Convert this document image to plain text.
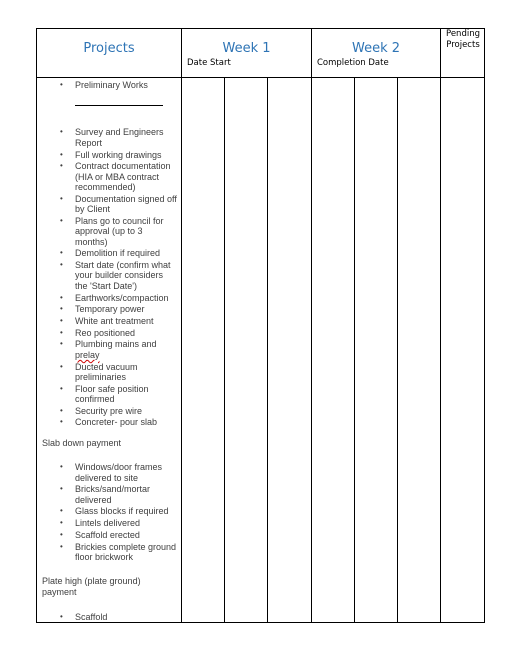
Projects	Week 1
Date Start
Week 2
Completion Date
Pending Projects
• Preliminary Works
• Survey and Engineers Report
• Full working drawings
• Contract documentation (HIA or MBA contract recommended)
• Documentation signed off by Client
• Plans go to council for approval (up to 3 months)
• Demolition if required
• Start date (confirm what your builder considers the 'Start Date')
• Earthworks/compaction
• Temporary power
• White ant treatment
• Reo positioned
• Plumbing mains and prelay
• Ducted vacuum preliminaries
• Floor safe position confirmed
• Security pre wire
• Concreter- pour slab
Slab down payment
• Windows/door frames delivered to site
• Bricks/sand/mortar delivered
• Glass blocks if required
• Lintels delivered
• Scaffold erected
• Brickies complete ground floor brickwork
Plate high (plate ground) payment
• Scaffold
